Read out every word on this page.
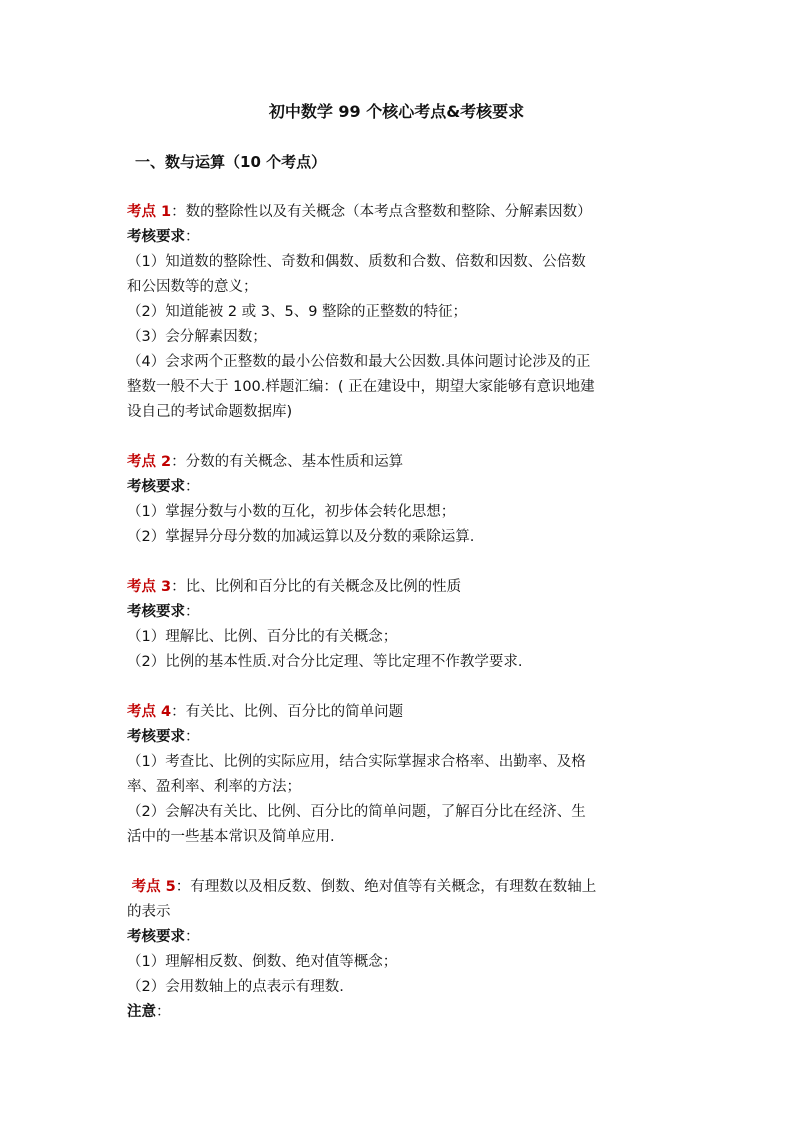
初中数学 99 个核心考点&考核要求
一、数与运算（10 个考点）
考点 1：数的整除性以及有关概念（本考点含整数和整除、分解素因数）
考核要求：
（1）知道数的整除性、奇数和偶数、质数和合数、倍数和因数、公倍数
和公因数等的意义；
（2）知道能被 2 或 3、5、9 整除的正整数的特征；
（3）会分解素因数；
（4）会求两个正整数的最小公倍数和最大公因数.具体问题讨论涉及的正
整数一般不大于 100.样题汇编：( 正在建设中，期望大家能够有意识地建
设自己的考试命题数据库)
考点 2：分数的有关概念、基本性质和运算
考核要求：
（1）掌握分数与小数的互化，初步体会转化思想；
（2）掌握异分母分数的加减运算以及分数的乘除运算.
考点 3：比、比例和百分比的有关概念及比例的性质
考核要求：
（1）理解比、比例、百分比的有关概念；
（2）比例的基本性质.对合分比定理、等比定理不作教学要求.
考点 4：有关比、比例、百分比的简单问题
考核要求：
（1）考查比、比例的实际应用，结合实际掌握求合格率、出勤率、及格
率、盈利率、利率的方法；
（2）会解决有关比、比例、百分比的简单问题，了解百分比在经济、生
活中的一些基本常识及简单应用.
考点 5：有理数以及相反数、倒数、绝对值等有关概念，有理数在数轴上
的表示
考核要求：
（1）理解相反数、倒数、绝对值等概念；
（2）会用数轴上的点表示有理数.
注意：
